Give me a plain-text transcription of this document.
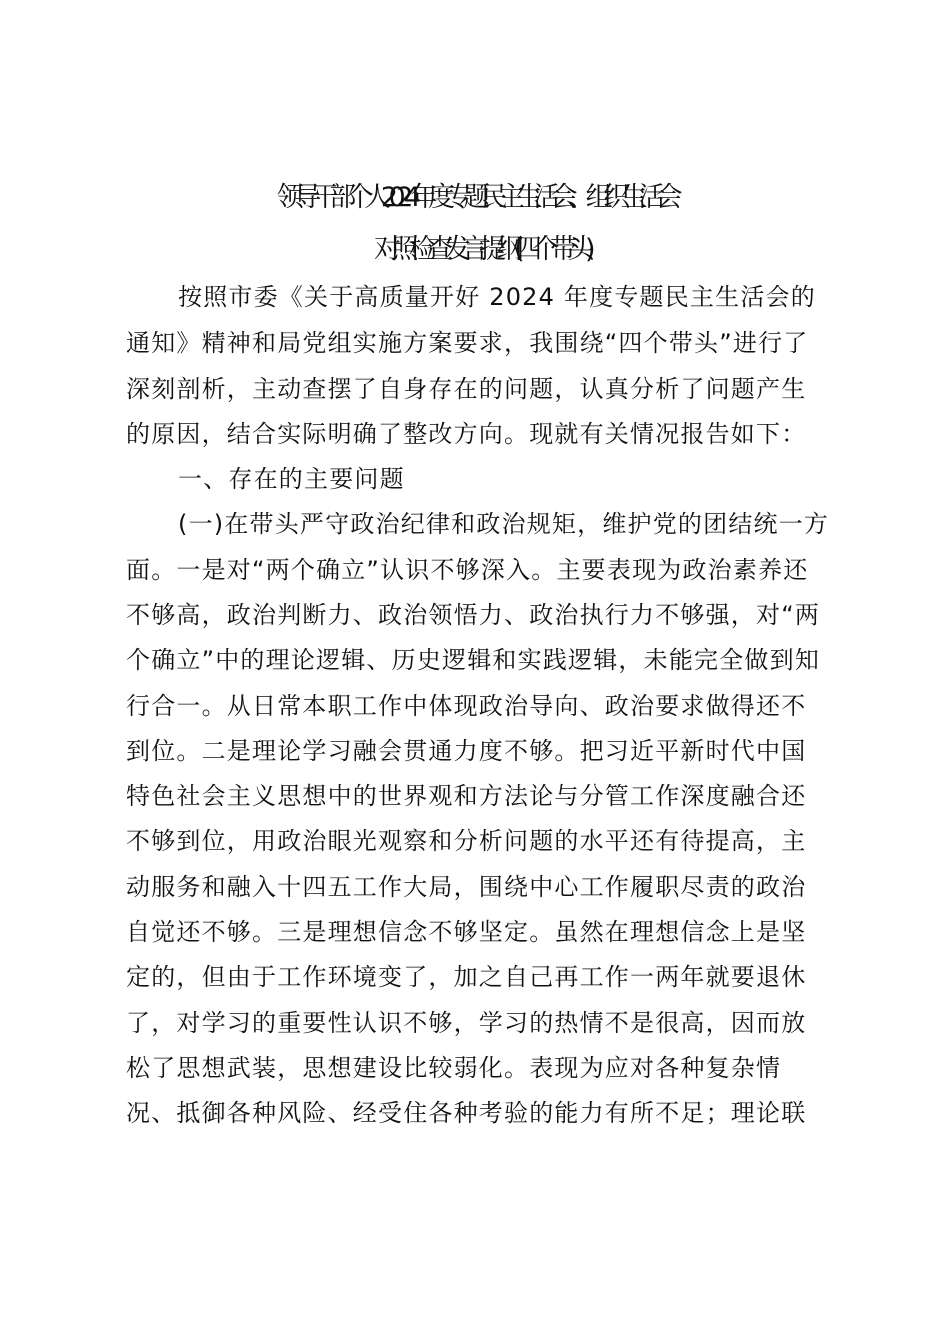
领导干部个人 2024 年度专题民主生活会、组织生活会
对照检查发言提纲(四个带头)
按照市委《关于高质量开好 2024 年度专题民主生活会的
通知》精神和局党组实施方案要求，我围绕“四个带头”进行了
深刻剖析，主动查摆了自身存在的问题，认真分析了问题产生
的原因，结合实际明确了整改方向。现就有关情况报告如下：
一、存在的主要问题
(一)在带头严守政治纪律和政治规矩，维护党的团结统一方
面。一是对“两个确立”认识不够深入。主要表现为政治素养还
不够高，政治判断力、政治领悟力、政治执行力不够强，对“两
个确立”中的理论逻辑、历史逻辑和实践逻辑，未能完全做到知
行合一。从日常本职工作中体现政治导向、政治要求做得还不
到位。二是理论学习融会贯通力度不够。把习近平新时代中国
特色社会主义思想中的世界观和方法论与分管工作深度融合还
不够到位，用政治眼光观察和分析问题的水平还有待提高，主
动服务和融入十四五工作大局，围绕中心工作履职尽责的政治
自觉还不够。三是理想信念不够坚定。虽然在理想信念上是坚
定的，但由于工作环境变了，加之自己再工作一两年就要退休
了，对学习的重要性认识不够，学习的热情不是很高，因而放
松了思想武装，思想建设比较弱化。表现为应对各种复杂情
况、抵御各种风险、经受住各种考验的能力有所不足；理论联
